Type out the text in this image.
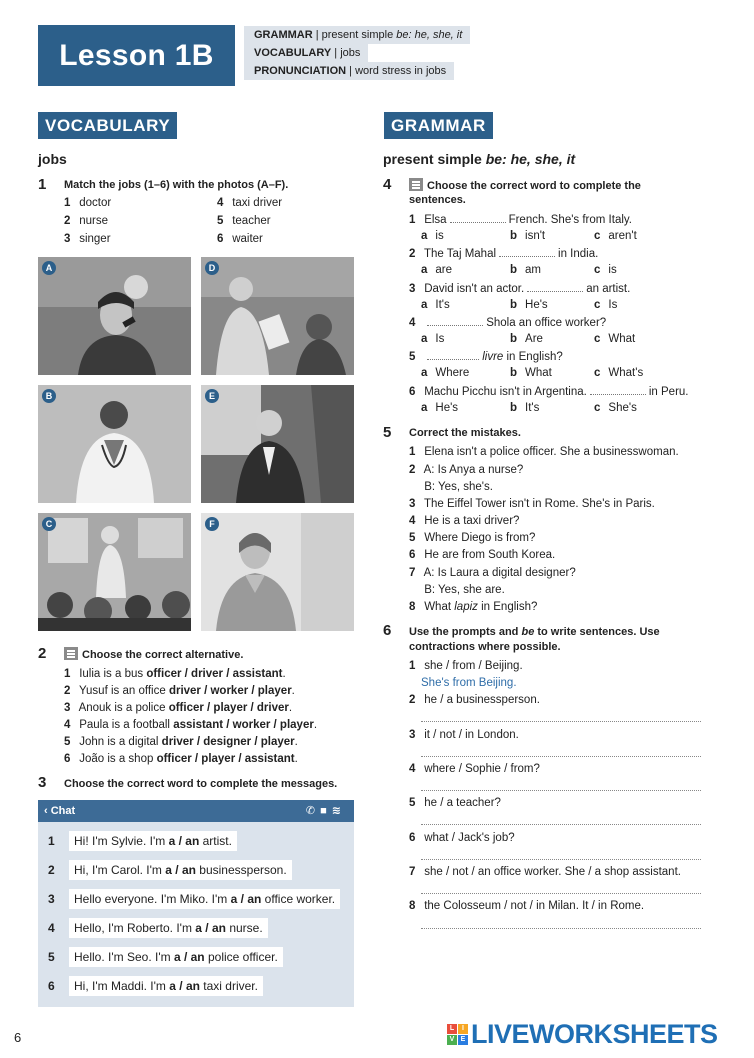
Lesson
1B
GRAMMAR | present simple be: he, she, it
VOCABULARY | jobs
PRONUNCIATION | word stress in jobs
VOCABULARY
jobs
1 Match the jobs (1–6) with the photos (A–F).
1 doctor
2 nurse
3 singer
4 taxi driver
5 teacher
6 waiter
A	D
B	E
C	F
2	Choose the correct alternative.
1 Iulia is a bus officer / driver / assistant.
2 Yusuf is an office driver / worker / player.
3 Anouk is a police officer / player / driver.
4 Paula is a football assistant / worker / player.
5 John is a digital driver / designer / player.
6 João is a shop officer / player / assistant.
3 Choose the correct word to complete the messages.
‹ Chat	✆■≋
1 Hi! I'm Sylvie. I'm a / an artist.
2 Hi, I'm Carol. I'm a / an businessperson.
3 Hello everyone. I'm Miko. I'm a / an office worker.
4 Hello, I'm Roberto. I'm a / an nurse.
5 Hello. I'm Seo. I'm a / an police officer.
6 Hi, I'm Maddi. I'm a / an taxi driver.
GRAMMAR
present simple be: he, she, it
4	Choose the correct word to complete the
sentences.
1 Elsa	French. She's from Italy.
a is	b isn't	c aren't
2 The Taj Mahal	in India.
a are	b am	c is
3 David isn't an actor.	an artist.
a It's	b He's	c Is
4	Shola an office worker?
a Is	b Are	c What
5	livre in English?
a Where	b What	c What's
6 Machu Picchu isn't in Argentina.	in Peru.
a He's	b It's	c She's
5 Correct the mistakes.
1 Elena isn't a police officer. She a businesswoman.
2 A: Is Anya a nurse?
B: Yes, she's.
3 The Eiffel Tower isn't in Rome. She's in Paris.
4 He is a taxi driver?
5 Where Diego is from?
6 He are from South Korea.
7 A: Is Laura a digital designer?
B: Yes, she are.
8 What lapiz in English?
6 Use the prompts and be to write sentences. Use
contractions where possible.
1 she / from / Beijing.
She's from Beijing.
2 he / a businessperson.
3 it / not / in London.
4 where / Sophie / from?
5 he / a teacher?
6 what / Jack's job?
7 she / not / an office worker. She / a shop assistant.
8 the Colosseum / not / in Milan. It / in Rome.
6
L	I
V E LIVEWORKSHEETS
